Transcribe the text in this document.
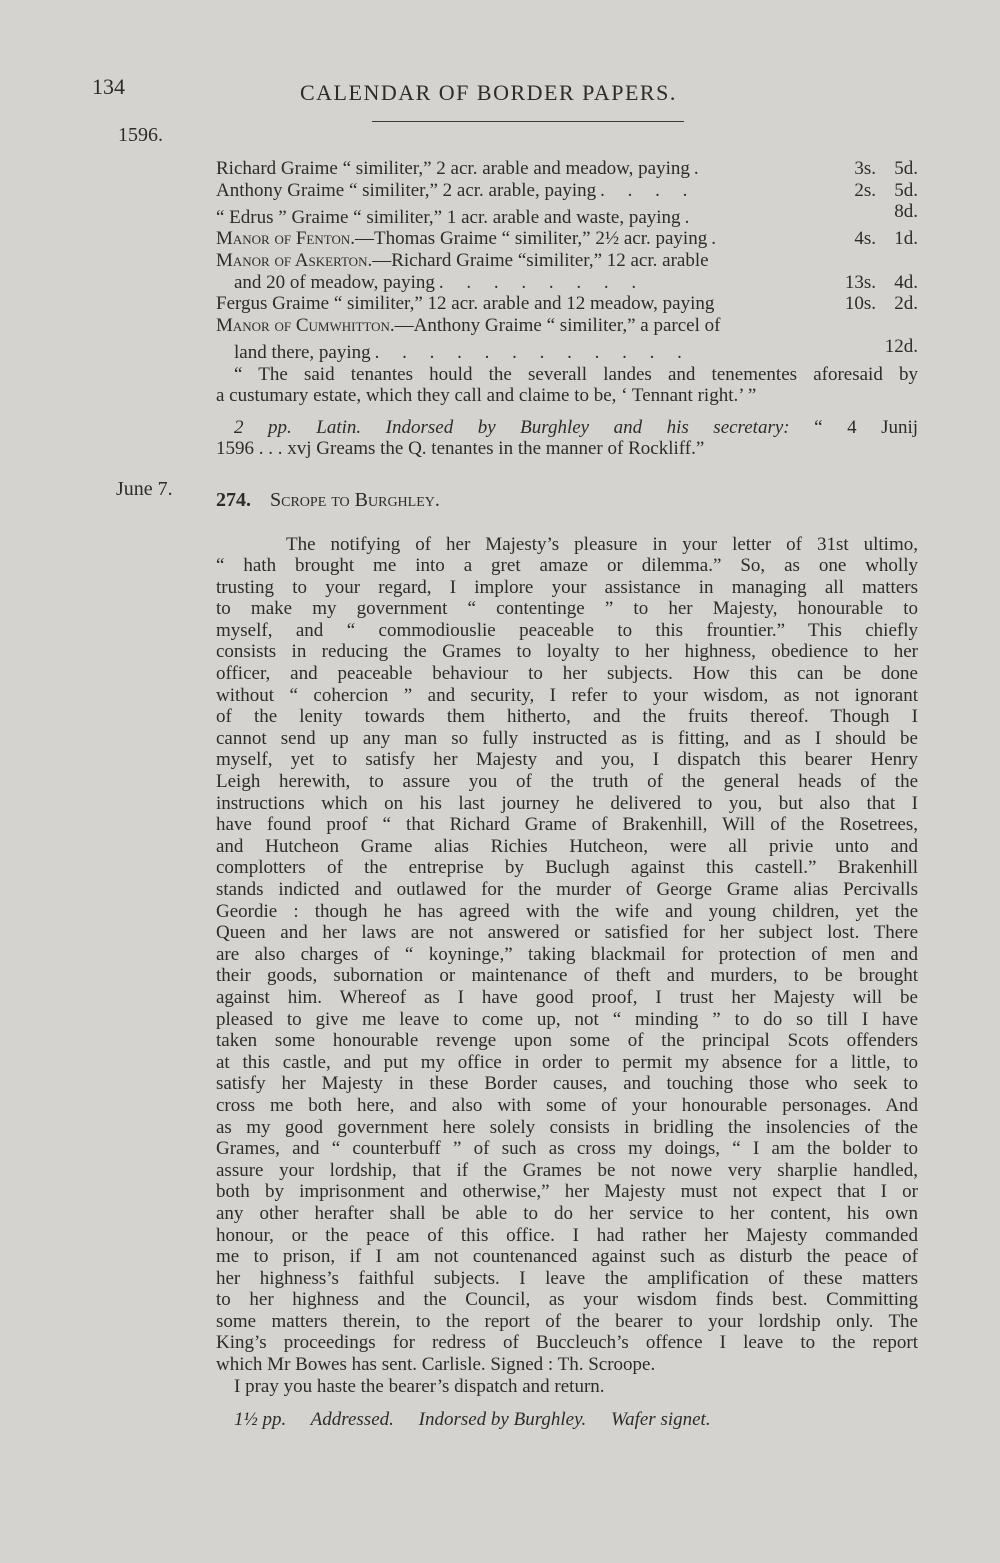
134	CALENDAR OF BORDER PAPERS.
1596.
June 7.
Richard Graime “ similiter,” 2 acr. arable and meadow, paying .	3s. 5d.
Anthony Graime “ similiter,” 2 acr. arable, paying . . . .	2s. 5d.
“ Edrus ” Graime “ similiter,” 1 acr. arable and waste, paying .	8d.
Manor of Fenton.—Thomas Graime “ similiter,” 2½ acr. paying .	4s. 1d.
Manor of Askerton.—Richard Graime “similiter,” 12 acr. arable
and 20 of meadow, paying . . . . . . . .	13s. 4d.
Fergus Graime “ similiter,” 12 acr. arable and 12 meadow, paying	10s. 2d.
Manor of Cumwhitton.—Anthony Graime “ similiter,” a parcel of
land there, paying . . . . . . . . . . . .	12d.
“ The said tenantes hould the severall landes and tenementes aforesaid by
a custumary estate, which they call and claime to be, ‘ Tennant right.’ ”
2 pp. Latin. Indorsed by Burghley and his secretary: “ 4 Junij
1596 . . . xvj Greams the Q. tenantes in the manner of Rockliff.”
274. Scrope to Burghley.
The notifying of her Majesty’s pleasure in your letter of 31st ultimo,
“ hath brought me into a gret amaze or dilemma.” So, as one wholly
trusting to your regard, I implore your assistance in managing all matters
to make my government “ contentinge ” to her Majesty, honourable to
myself, and “ commodiouslie peaceable to this frountier.” This chiefly
consists in reducing the Grames to loyalty to her highness, obedience to her
officer, and peaceable behaviour to her subjects. How this can be done
without “ cohercion ” and security, I refer to your wisdom, as not ignorant
of the lenity towards them hitherto, and the fruits thereof. Though I
cannot send up any man so fully instructed as is fitting, and as I should be
myself, yet to satisfy her Majesty and you, I dispatch this bearer Henry
Leigh herewith, to assure you of the truth of the general heads of the
instructions which on his last journey he delivered to you, but also that I
have found proof “ that Richard Grame of Brakenhill, Will of the Rosetrees,
and Hutcheon Grame alias Richies Hutcheon, were all privie unto and
complotters of the entreprise by Buclugh against this castell.” Brakenhill
stands indicted and outlawed for the murder of George Grame alias Percivalls
Geordie : though he has agreed with the wife and young children, yet the
Queen and her laws are not answered or satisfied for her subject lost. There
are also charges of “ koyninge,” taking blackmail for protection of men and
their goods, subornation or maintenance of theft and murders, to be brought
against him. Whereof as I have good proof, I trust her Majesty will be
pleased to give me leave to come up, not “ minding ” to do so till I have
taken some honourable revenge upon some of the principal Scots offenders
at this castle, and put my office in order to permit my absence for a little, to
satisfy her Majesty in these Border causes, and touching those who seek to
cross me both here, and also with some of your honourable personages. And
as my good government here solely consists in bridling the insolencies of the
Grames, and “ counterbuff ” of such as cross my doings, “ I am the bolder to
assure your lordship, that if the Grames be not nowe very sharplie handled,
both by imprisonment and otherwise,” her Majesty must not expect that I or
any other herafter shall be able to do her service to her content, his own
honour, or the peace of this office. I had rather her Majesty commanded
me to prison, if I am not countenanced against such as disturb the peace of
her highness’s faithful subjects. I leave the amplification of these matters
to her highness and the Council, as your wisdom finds best. Committing
some matters therein, to the report of the bearer to your lordship only. The
King’s proceedings for redress of Buccleuch’s offence I leave to the report
which Mr Bowes has sent. Carlisle. Signed : Th. Scroope.
I pray you haste the bearer’s dispatch and return.
1½ pp. Addressed. Indorsed by Burghley. Wafer signet.
